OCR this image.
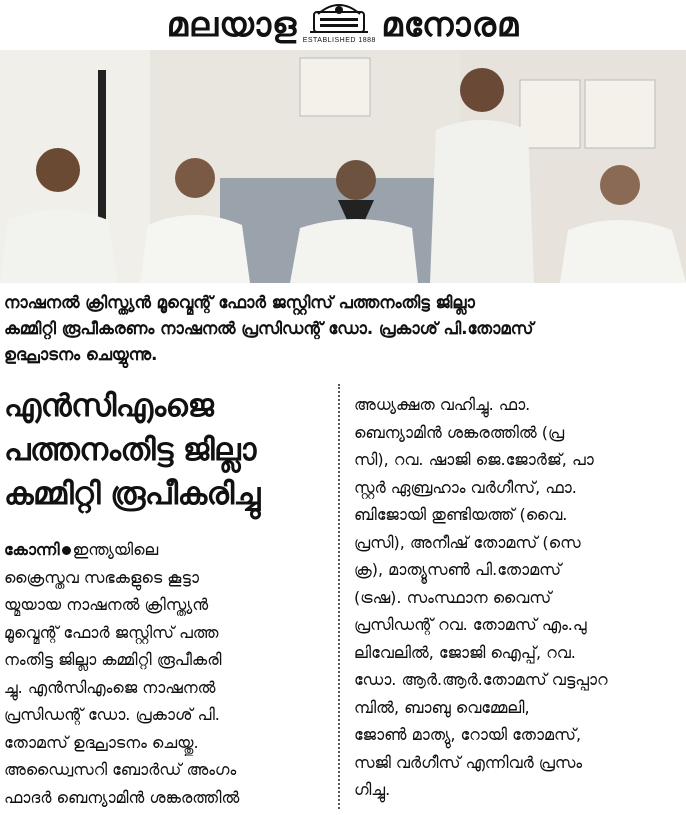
മലയാള ESTABLISHED 1888 മനോരമ
നാഷനൽ ക്രിസ്ത്യൻ മൂവ്മെന്റ് ഫോർ ജസ്റ്റിസ് പത്തനംതിട്ട ജില്ലാ
കമ്മിറ്റി രൂപീകരണം നാഷനൽ പ്രസിഡന്റ് ഡോ. പ്രകാശ് പി.തോമസ്
ഉദ്ഘാടനം ചെയ്യുന്നു.
എൻസിഎംജെ
പത്തനംതിട്ട ജില്ലാ
കമ്മിറ്റി രൂപീകരിച്ചു
കോന്നി ഇന്ത്യയിലെ
ക്രൈസ്തവ സഭകളുടെ കൂട്ടാ
യ്മയായ നാഷനൽ ക്രിസ്ത്യൻ
മൂവ്മെന്റ് ഫോർ ജസ്റ്റിസ് പത്ത
നംതിട്ട ജില്ലാ കമ്മിറ്റി രൂപീകരി
ച്ചു. എൻസിഎംജെ നാഷനൽ
പ്രസിഡന്റ് ഡോ. പ്രകാശ് പി.
തോമസ് ഉദ്ഘാടനം ചെയ്തു.
അഡ്വൈസറി ബോർഡ് അംഗം
ഫാദർ ബെന്യാമിൻ ശങ്കരത്തിൽ
അധ്യക്ഷത വഹിച്ചു. ഫാ.
ബെന്യാമിൻ ശങ്കരത്തിൽ (പ്ര
സി), റവ. ഷാജി ജെ.ജോർജ്, പാ
സ്റ്റർ ഏബ്രഹാം വർഗീസ്, ഫാ.
ബിജോയി തുണ്ടിയത്ത് (വൈ.
പ്രസി), അനീഷ് തോമസ് (സെ
ക്ര), മാത്യൂസൺ പി.തോമസ്
(ട്രഷ). സംസ്ഥാന വൈസ്
പ്രസിഡന്റ് റവ. തോമസ് എം.പു
ലിവേലിൽ, ജോജി ഐപ്പ്, റവ.
ഡോ. ആർ.ആർ.തോമസ് വട്ടപ്പാറ
മ്പിൽ, ബാബു വെമ്മേലി,
ജോൺ മാത്യു, റോയി തോമസ്,
സജി വർഗീസ് എന്നിവർ പ്രസം
ഗിച്ചു.
